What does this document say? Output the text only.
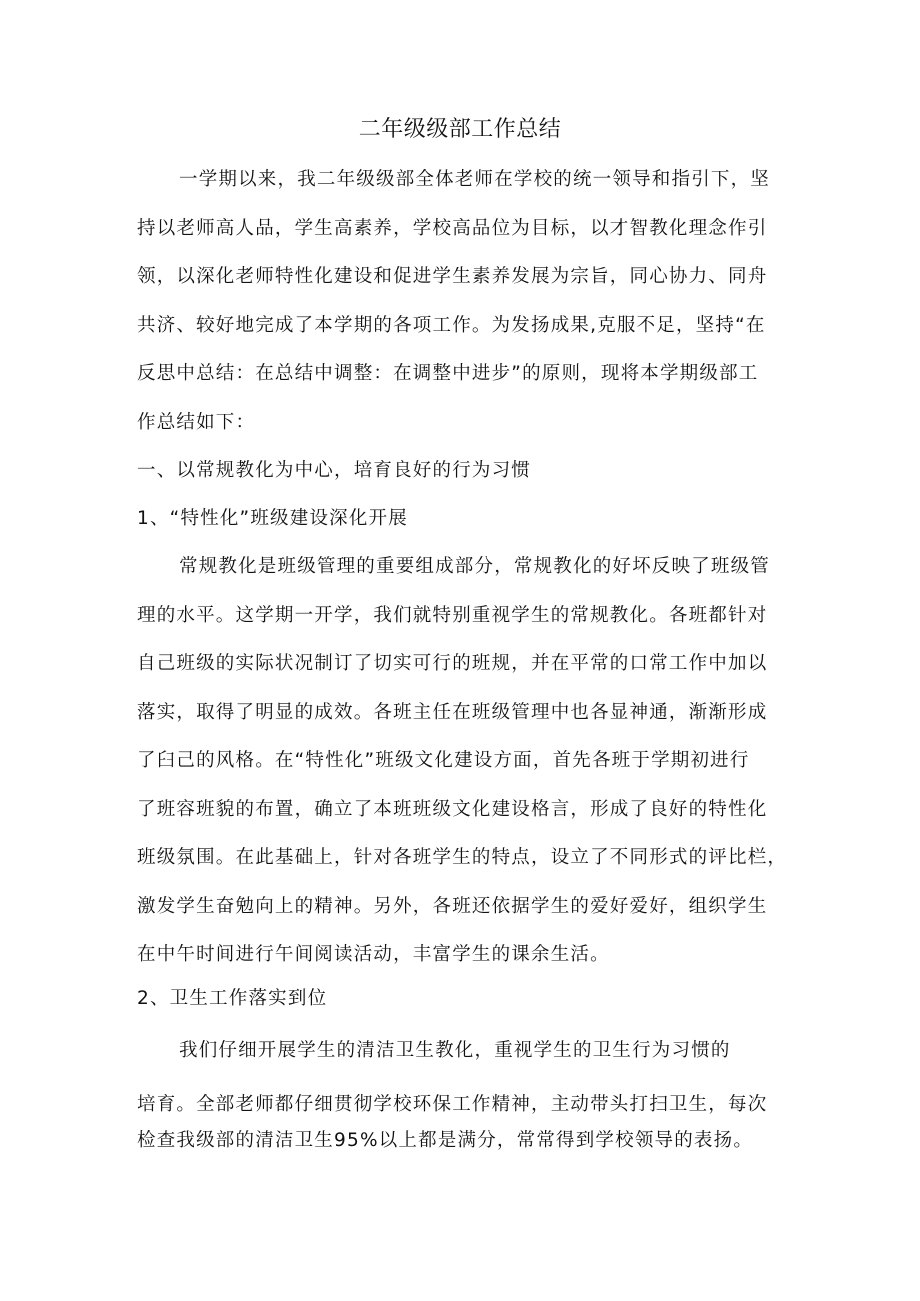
二年级级部工作总结
一学期以来，我二年级级部全体老师在学校的统一领导和指引下，坚
持以老师高人品，学生高素养，学校高品位为目标，以才智教化理念作引
领，以深化老师特性化建设和促进学生素养发展为宗旨，同心协力、同舟
共济、较好地完成了本学期的各项工作。为发扬成果,克服不足，坚持“在
反思中总结：在总结中调整：在调整中进步”的原则，现将本学期级部工
作总结如下：
一、以常规教化为中心，培育良好的行为习惯
1、“特性化”班级建设深化开展
常规教化是班级管理的重要组成部分，常规教化的好坏反映了班级管
理的水平。这学期一开学，我们就特别重视学生的常规教化。各班都针对
自己班级的实际状况制订了切实可行的班规，并在平常的口常工作中加以
落实，取得了明显的成效。各班主任在班级管理中也各显神通，渐渐形成
了臼己的风格。在“特性化”班级文化建设方面，首先各班于学期初进行
了班容班貌的布置，确立了本班班级文化建设格言，形成了良好的特性化
班级氛围。在此基础上，针对各班学生的特点，设立了不同形式的评比栏，
激发学生奋勉向上的精神。另外，各班还依据学生的爱好爱好，组织学生
在中午时间进行午间阅读活动，丰富学生的课余生活。
2、卫生工作落实到位
我们仔细开展学生的清洁卫生教化，重视学生的卫生行为习惯的
培育。全部老师都仔细贯彻学校环保工作精神，主动带头打扫卫生，每次
检查我级部的清洁卫生95%以上都是满分，常常得到学校领导的表扬。
